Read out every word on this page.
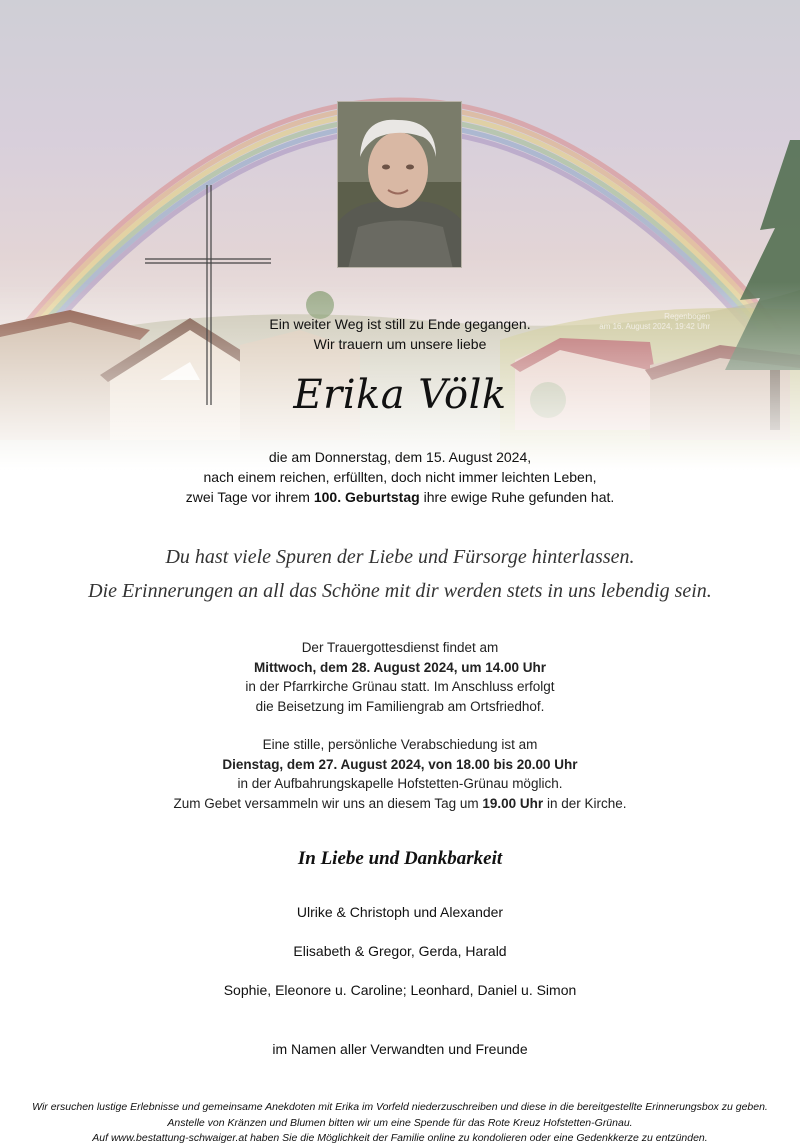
Regenbogen
am 16. August 2024, 19:42 Uhr

Ein weiter Weg ist still zu Ende gegangen.

Wir trauern um unsere liebe

Erika Völk

die am Donnerstag, dem 15. August 2024,

nach einem reichen, erfüllten, doch nicht immer leichten Leben,

zwei Tage vor ihrem 100. Geburtstag ihre ewige Ruhe gefunden hat.

Du hast viele Spuren der Liebe und Fürsorge hinterlassen.

Die Erinnerungen an all das Schöne mit dir werden stets in uns lebendig sein.

Der Trauergottesdienst findet am

Mittwoch, dem 28. August 2024, um 14.00 Uhr

in der Pfarrkirche Grünau statt. Im Anschluss erfolgt

die Beisetzung im Familiengrab am Ortsfriedhof.

Eine stille, persönliche Verabschiedung ist am

Dienstag, dem 27. August 2024, von 18.00 bis 20.00 Uhr

in der Aufbahrungskapelle Hofstetten-Grünau möglich.

Zum Gebet versammeln wir uns an diesem Tag um 19.00 Uhr in der Kirche.

In Liebe und Dankbarkeit
Ulrike & Christoph und Alexander
Elisabeth & Gregor, Gerda, Harald
Sophie, Eleonore u. Caroline; Leonhard, Daniel u. Simon
im Namen aller Verwandten und Freunde

Wir ersuchen lustige Erlebnisse und gemeinsame Anekdoten mit Erika im Vorfeld niederzuschreiben und diese in die bereitgestellte Erinnerungsbox zu geben.

Anstelle von Kränzen und Blumen bitten wir um eine Spende für das Rote Kreuz Hofstetten-Grünau.

Auf www.bestattung-schwaiger.at haben Sie die Möglichkeit der Familie online zu kondolieren oder eine Gedenkkerze zu entzünden.
